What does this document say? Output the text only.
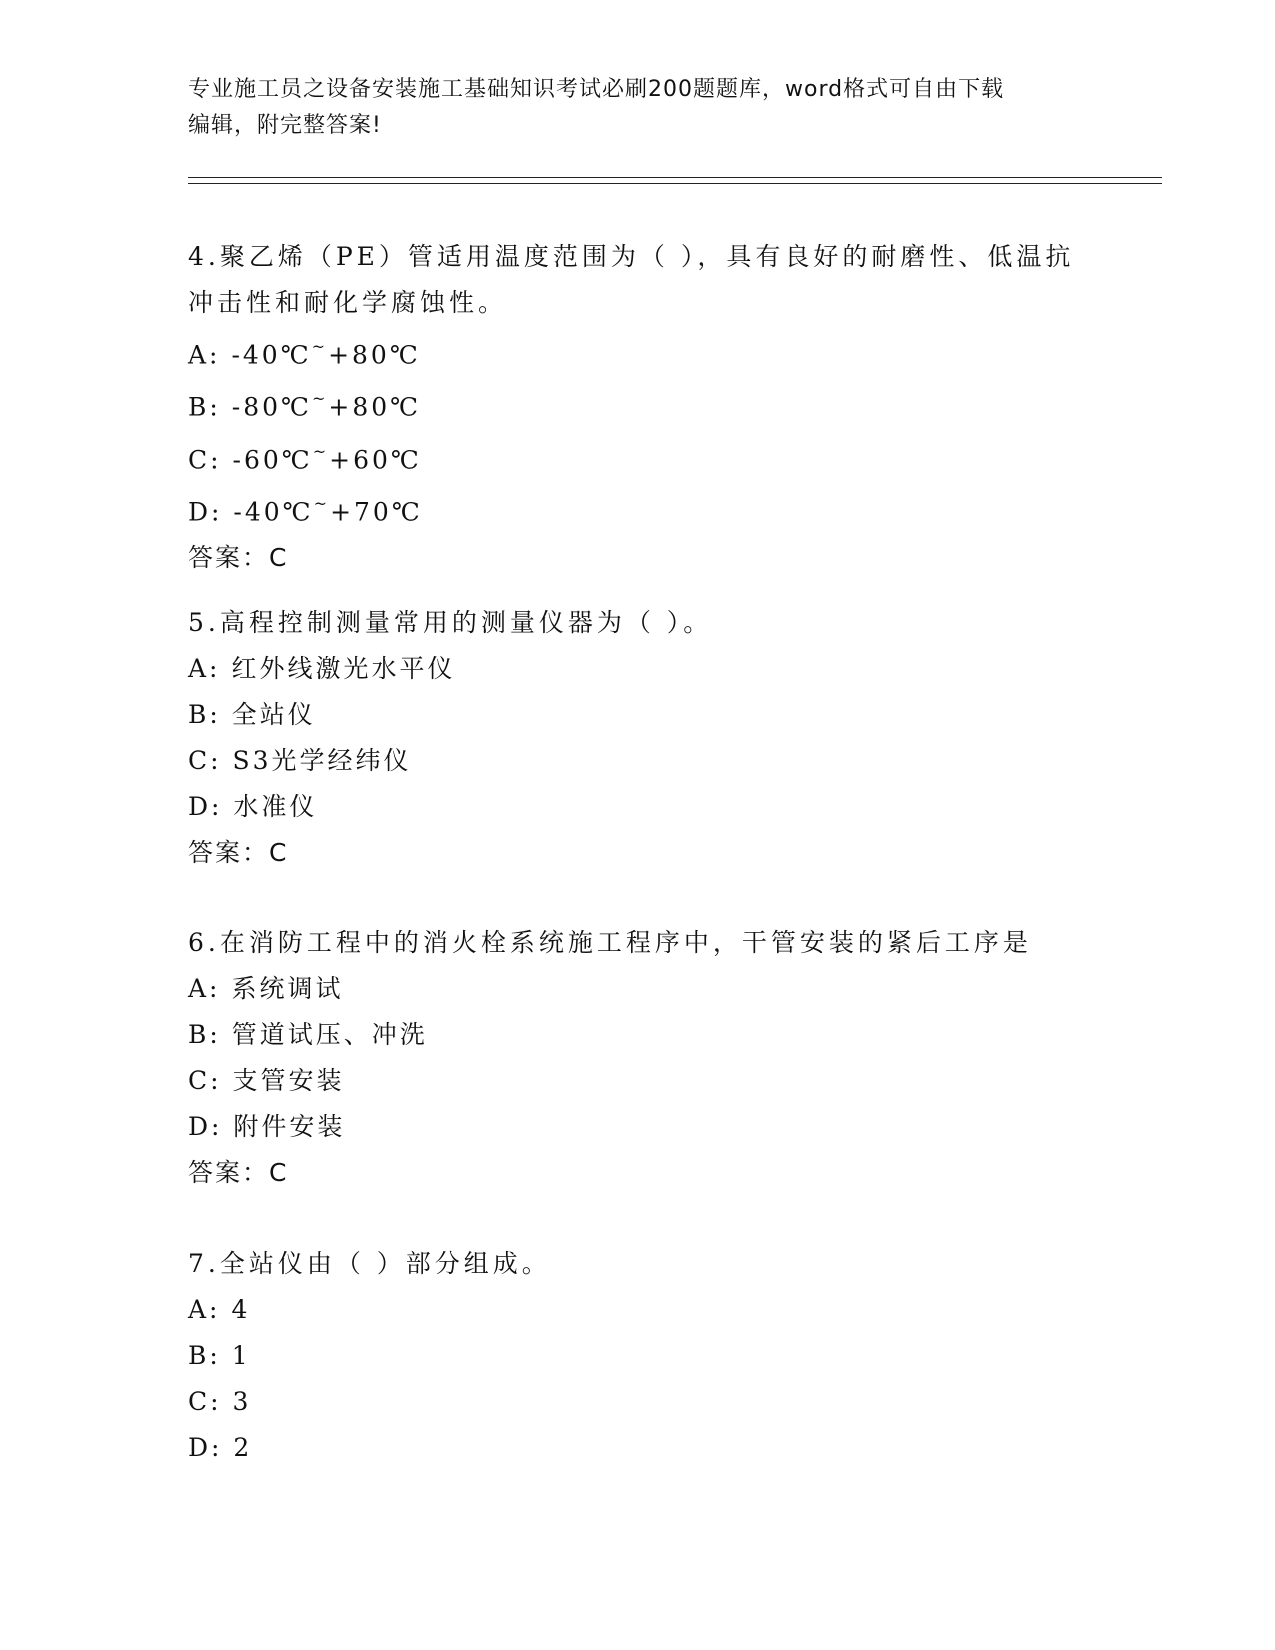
专业施工员之设备安装施工基础知识考试必刷200题题库，word格式可自由下载
编辑，附完整答案!

4.聚乙烯（PE）管适用温度范围为（ ），具有良好的耐磨性、低温抗

冲击性和耐化学腐蚀性。

A: -40℃~+80℃

B: -80℃~+80℃

C: -60℃~+60℃

D: -40℃~+70℃

答案：C

5.高程控制测量常用的测量仪器为（ ）。

A: 红外线激光水平仪

B: 全站仪

C: S3光学经纬仪

D: 水准仪

答案：C

6.在消防工程中的消火栓系统施工程序中，干管安装的紧后工序是

A: 系统调试

B: 管道试压、冲洗

C: 支管安装

D: 附件安装

答案：C

7.全站仪由（ ）部分组成。

A: 4

B: 1

C: 3

D: 2
